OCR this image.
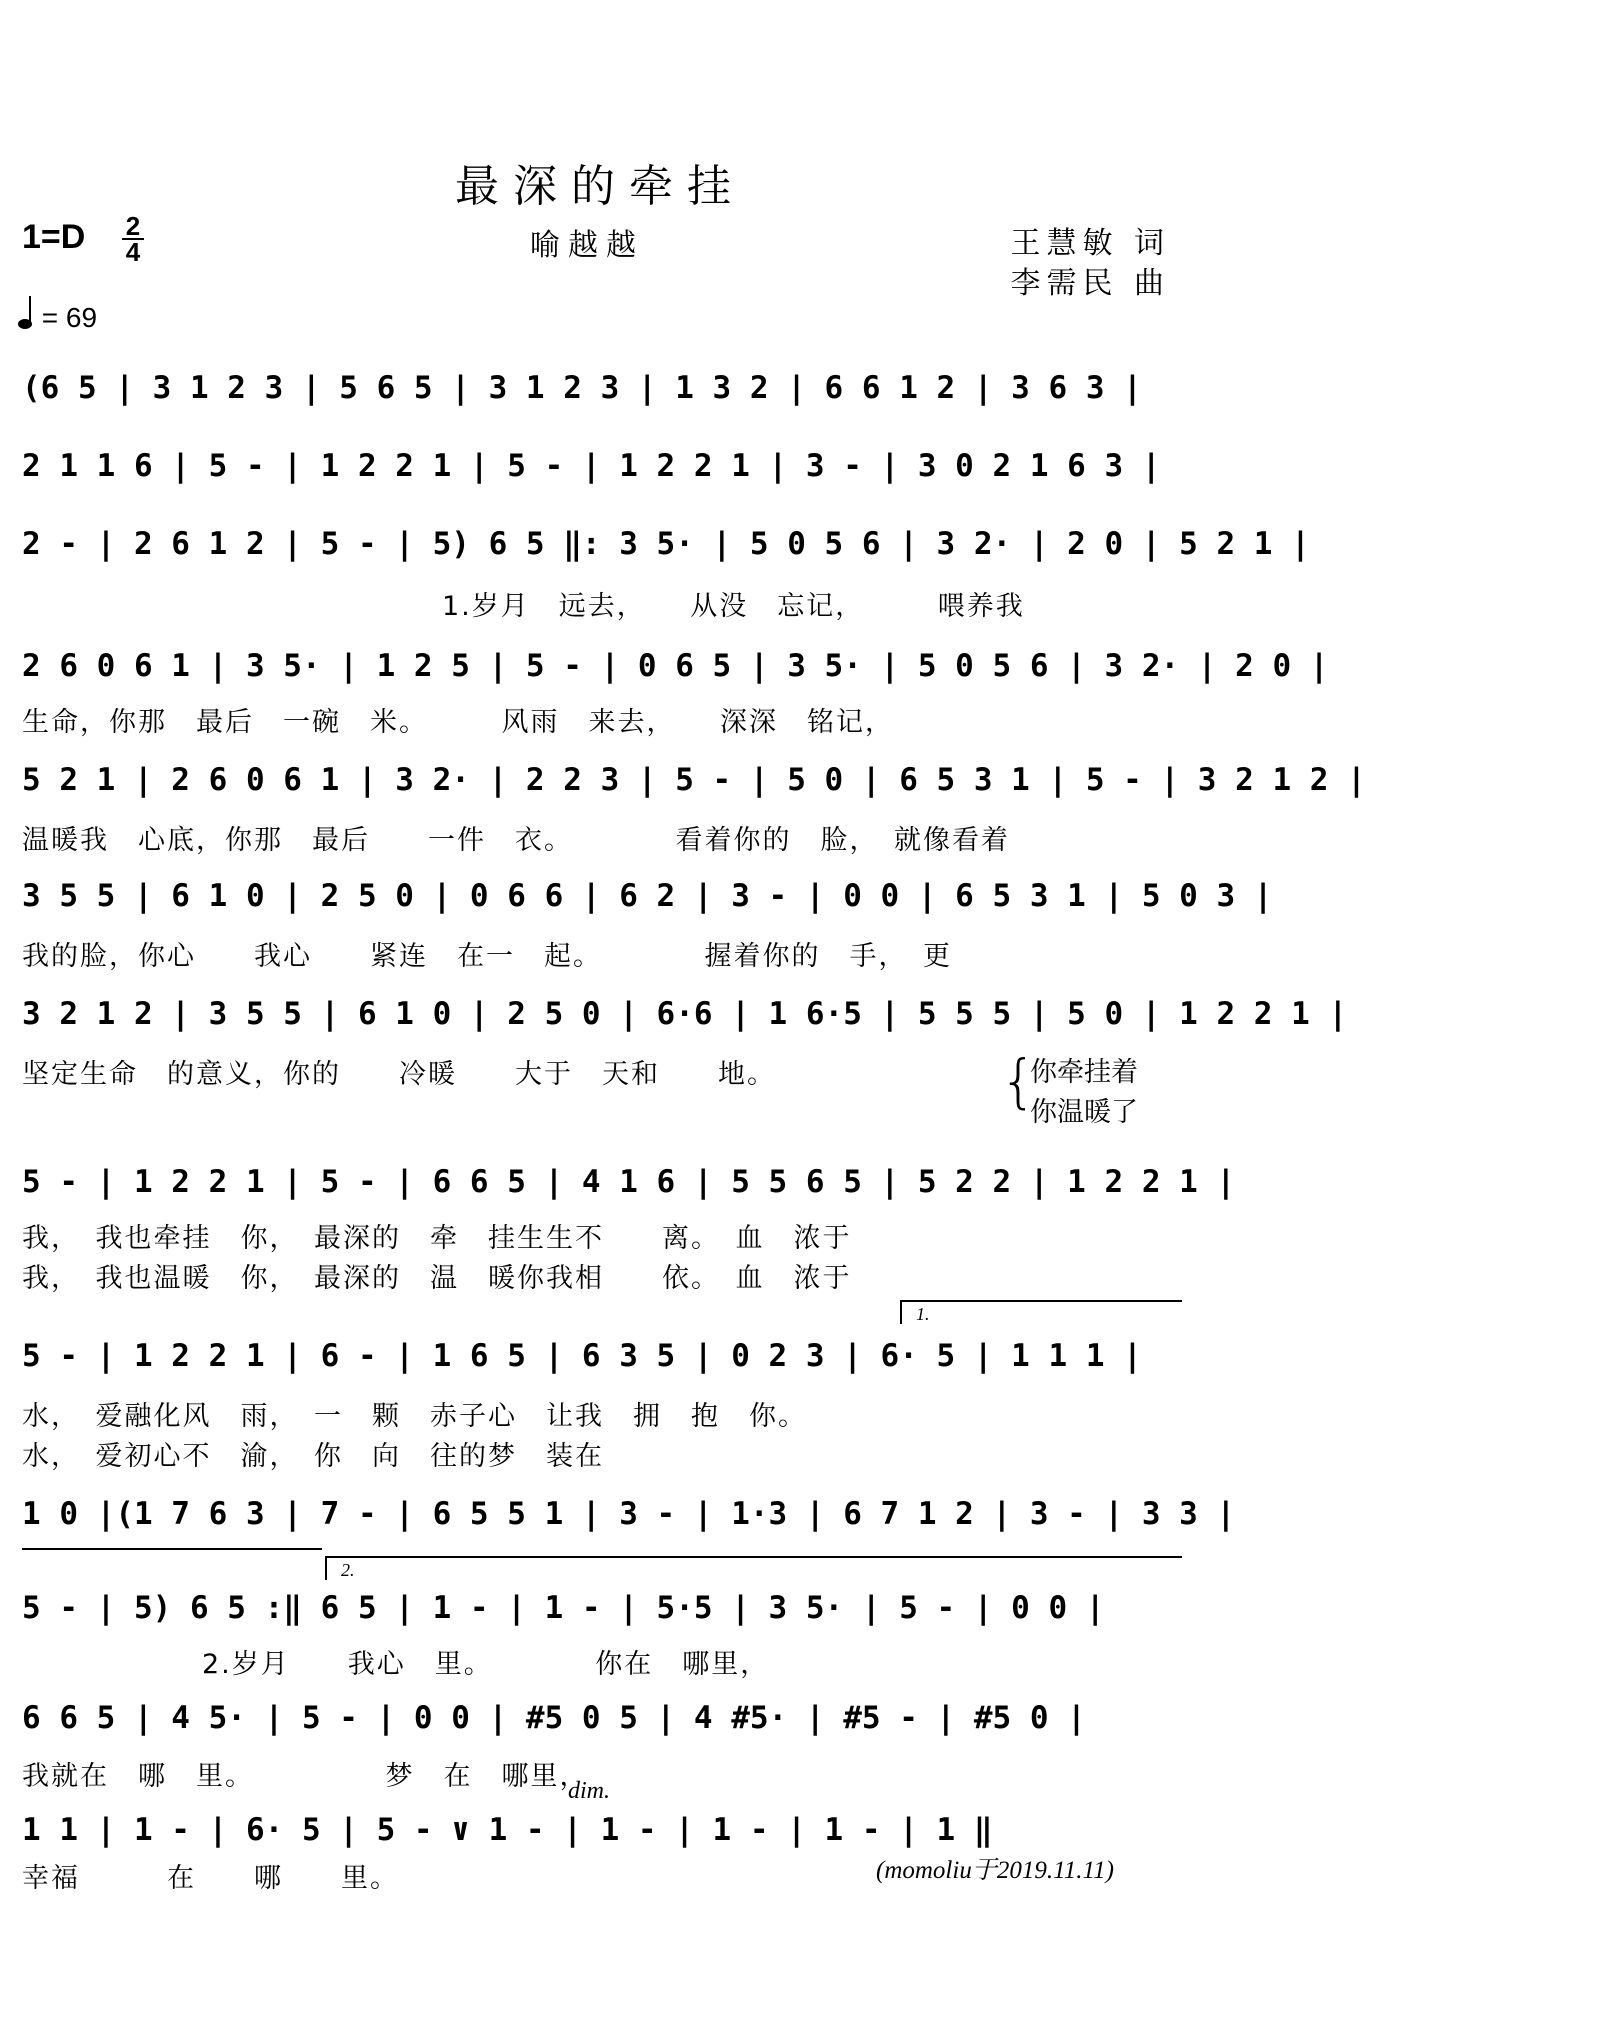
最深的牵挂
1=D 2
4	喻越越	王慧敏 词
李需民 曲
= 69
(6 5 | 3 1 2 3 | 5 6 5 | 3 1 2 3 | 1 3 2 | 6 6 1 2 | 3 6 3 |
2 1 1 6 | 5 - | 1 2 2 1 | 5 - | 1 2 2 1 | 3 - | 3 0 2 1 6 3 |
2 - | 2 6 1 2 | 5 - | 5) 6 5 ‖: 3 5· | 5 0 5 6 | 3 2· | 2 0 | 5 2 1 |
1.岁月　远去，　　从没　忘记，　　　喂养我
2 6 0 6 1 | 3 5· | 1 2 5 | 5 - | 0 6 5 | 3 5· | 5 0 5 6 | 3 2· | 2 0 |
生命，你那　最后　一碗　米。　　　风雨　来去，　　深深　铭记，
5 2 1 | 2 6 0 6 1 | 3 2· | 2 2 3 | 5 - | 5 0 | 6 5 3 1 | 5 - | 3 2 1 2 |
温暖我　心底，你那　最后　　一件　衣。　　　　看着你的　脸，　就像看着
3 5 5 | 6 1 0 | 2 5 0 | 0 6 6 | 6 2 | 3 - | 0 0 | 6 5 3 1 | 5 0 3 |
我的脸，你心　　我心　　紧连　在一　起。　　　　握着你的　手，　更
3 2 1 2 | 3 5 5 | 6 1 0 | 2 5 0 | 6·6 | 1 6·5 | 5 5 5 | 5 0 | 1 2 2 1 |
坚定生命　的意义，你的　　冷暖　　大于　天和　　地。	{
你牵挂着
你温暖了
5 - | 1 2 2 1 | 5 - | 6 6 5 | 4 1 6 | 5 5 6 5 | 5 2 2 | 1 2 2 1 |
我，　我也牵挂　你，　最深的　牵　挂生生不　　离。　血　浓于
我，　我也温暖　你，　最深的　温　暖你我相　　依。　血　浓于
1.
5 - | 1 2 2 1 | 6 - | 1 6 5 | 6 3 5 | 0 2 3 | 6· 5 | 1 1 1 |
水，　爱融化风　雨，　一　颗　赤子心　让我　拥　抱　你。
水，　爱初心不　渝，　你　向　往的梦　装在
1 0 |(1 7 6 3 | 7 - | 6 5 5 1 | 3 - | 1·3 | 6 7 1 2 | 3 - | 3 3 |
2.
5 - | 5) 6 5 :‖ 6 5 | 1 - | 1 - | 5·5 | 3 5· | 5 - | 0 0 |
2.岁月　　我心　里。　　　　你在　哪里，
6 6 5 | 4 5· | 5 - | 0 0 | #5 0 5 | 4 #5· | #5 - | #5 0 |
我就在　哪　里。　　　　　梦　在　哪里，
dim.
1 1 | 1 - | 6· 5 | 5 - ∨ 1 - | 1 - | 1 - | 1 - | 1 ‖
幸福　　　在　　哪　　里。	(momoliu于2019.11.11)
